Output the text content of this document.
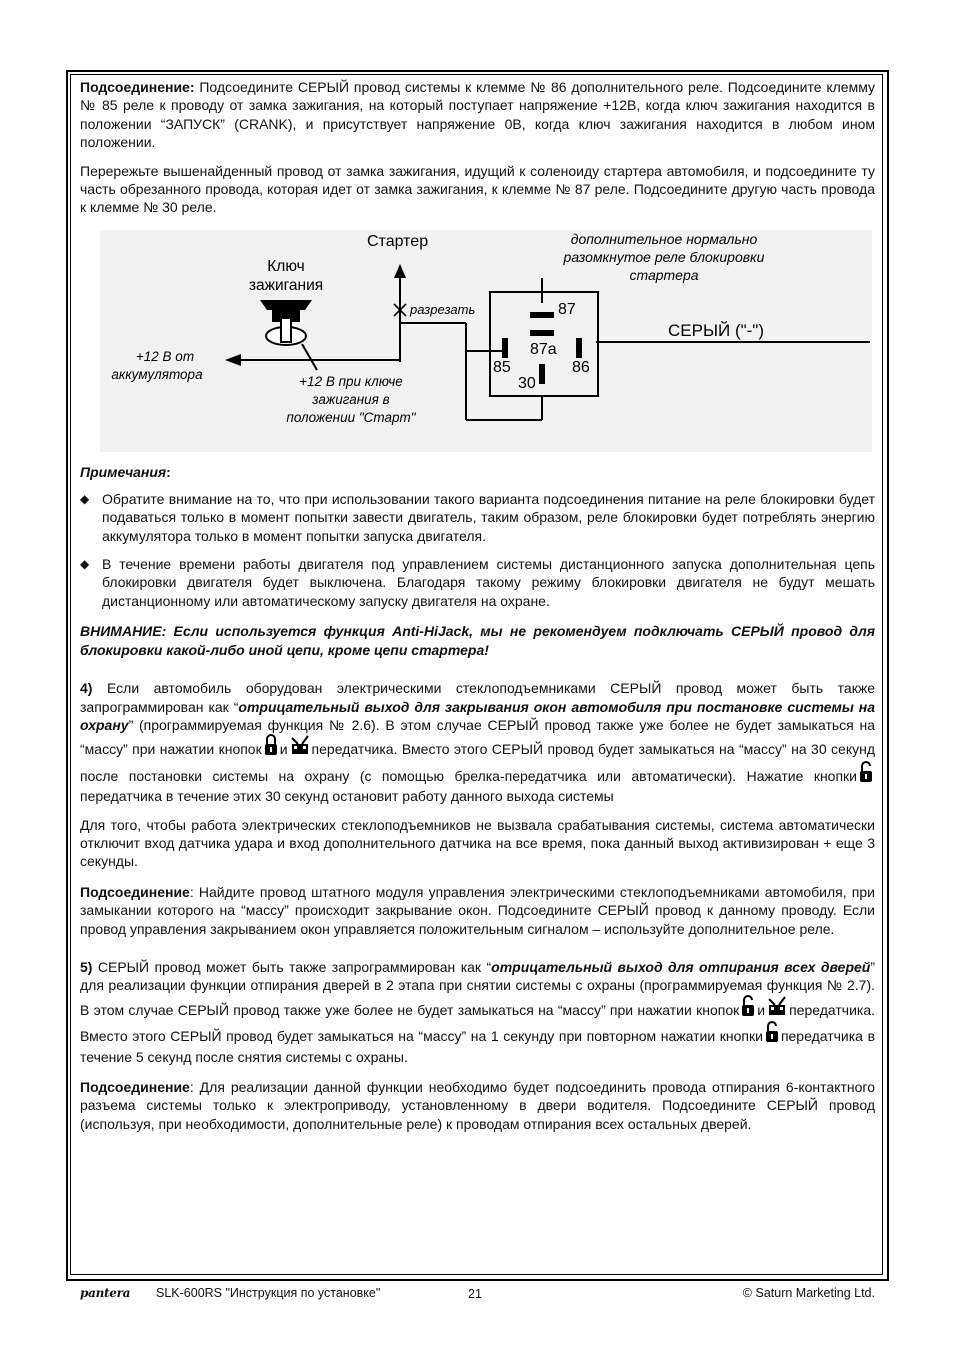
Подсоединение: Подсоедините СЕРЫЙ провод системы к клемме № 86 дополнительного реле. Подсоедините клемму № 85 реле к проводу от замка зажигания, на который поступает напряжение +12В, когда ключ зажигания находится в положении “ЗАПУСК” (CRANK), и присутствует напряжение 0В, когда ключ зажигания находится в любом ином положении.

Перережьте вышенайденный провод от замка зажигания, идущий к соленоиду стартера автомобиля, и подсоедините ту часть обрезанного провода, которая идет от замка зажигания, к клемме № 87 реле. Подсоедините другую часть провода к клемме № 30 реле.

Стартер
Ключ
зажигания
дополнительное нормально
разомкнутое реле блокировки
стартера
разрезать
СЕРЫЙ ("-")
+12 В от
аккумулятора	+12 В при ключе
зажигания в
положении "Старт"
87
87a
85	86
30
Примечания:

◆ Обратите внимание на то, что при использовании такого варианта подсоединения питание на реле блокировки будет подаваться только в момент попытки завести двигатель, таким образом, реле блокировки будет потреблять энергию аккумулятора только в момент попытки запуска двигателя.

◆ В течение времени работы двигателя под управлением системы дистанционного запуска дополнительная цепь блокировки двигателя будет выключена. Благодаря такому режиму блокировки двигателя не будут мешать дистанционному или автоматическому запуску двигателя на охране.

ВНИМАНИЕ: Если используется функция Anti-HiJack, мы не рекомендуем подключать СЕРЫЙ провод для блокировки какой-либо иной цепи, кроме цепи стартера!

4) Если автомобиль оборудован электрическими стеклоподъемниками СЕРЫЙ провод может быть также запрограммирован как “отрицательный выход для закрывания окон автомобиля при постановке системы на охрану” (программируемая функция № 2.6). В этом случае СЕРЫЙ провод также уже более не будет замыкаться на “массу” при нажатии кнопок и передатчика. Вместо этого СЕРЫЙ провод будет замыкаться на “массу” на 30 секунд после постановки системы на охрану (с помощью брелка-передатчика или автоматически). Нажатие кнопкипередатчика в течение этих 30 секунд остановит работу данного выхода системы

Для того, чтобы работа электрических стеклоподъемников не вызвала срабатывания системы, система автоматически отключит вход датчика удара и вход дополнительного датчика на все время, пока данный выход активизирован + еще 3 секунды.

Подсоединение: Найдите провод штатного модуля управления электрическими стеклоподъемниками автомобиля, при замыкании которого на “массу” происходит закрывание окон. Подсоедините СЕРЫЙ провод к данному проводу. Если провод управления закрыванием окон управляется положительным сигналом – используйте дополнительное реле.

5) СЕРЫЙ провод может быть также запрограммирован как “отрицательный выход для отпирания всех дверей” для реализации функции отпирания дверей в 2 этапа при снятии системы с охраны (программируемая функция № 2.7). В этом случае СЕРЫЙ провод также уже более не будет замыкаться на “массу” при нажатии кнопок и передатчика. Вместо этого СЕРЫЙ провод будет замыкаться на “массу” на 1 секунду при повторном нажатии кнопки передатчика в течение 5 секунд после снятия системы с охраны.

Подсоединение: Для реализации данной функции необходимо будет подсоединить провода отпирания 6-контактного разъема системы только к электроприводу, установленному в двери водителя. Подсоедините СЕРЫЙ провод (используя, при необходимости, дополнительные реле) к проводам отпирания всех остальных дверей.

pantera SLK-600RS "Инструкция по установке"	21	© Saturn Marketing Ltd.
